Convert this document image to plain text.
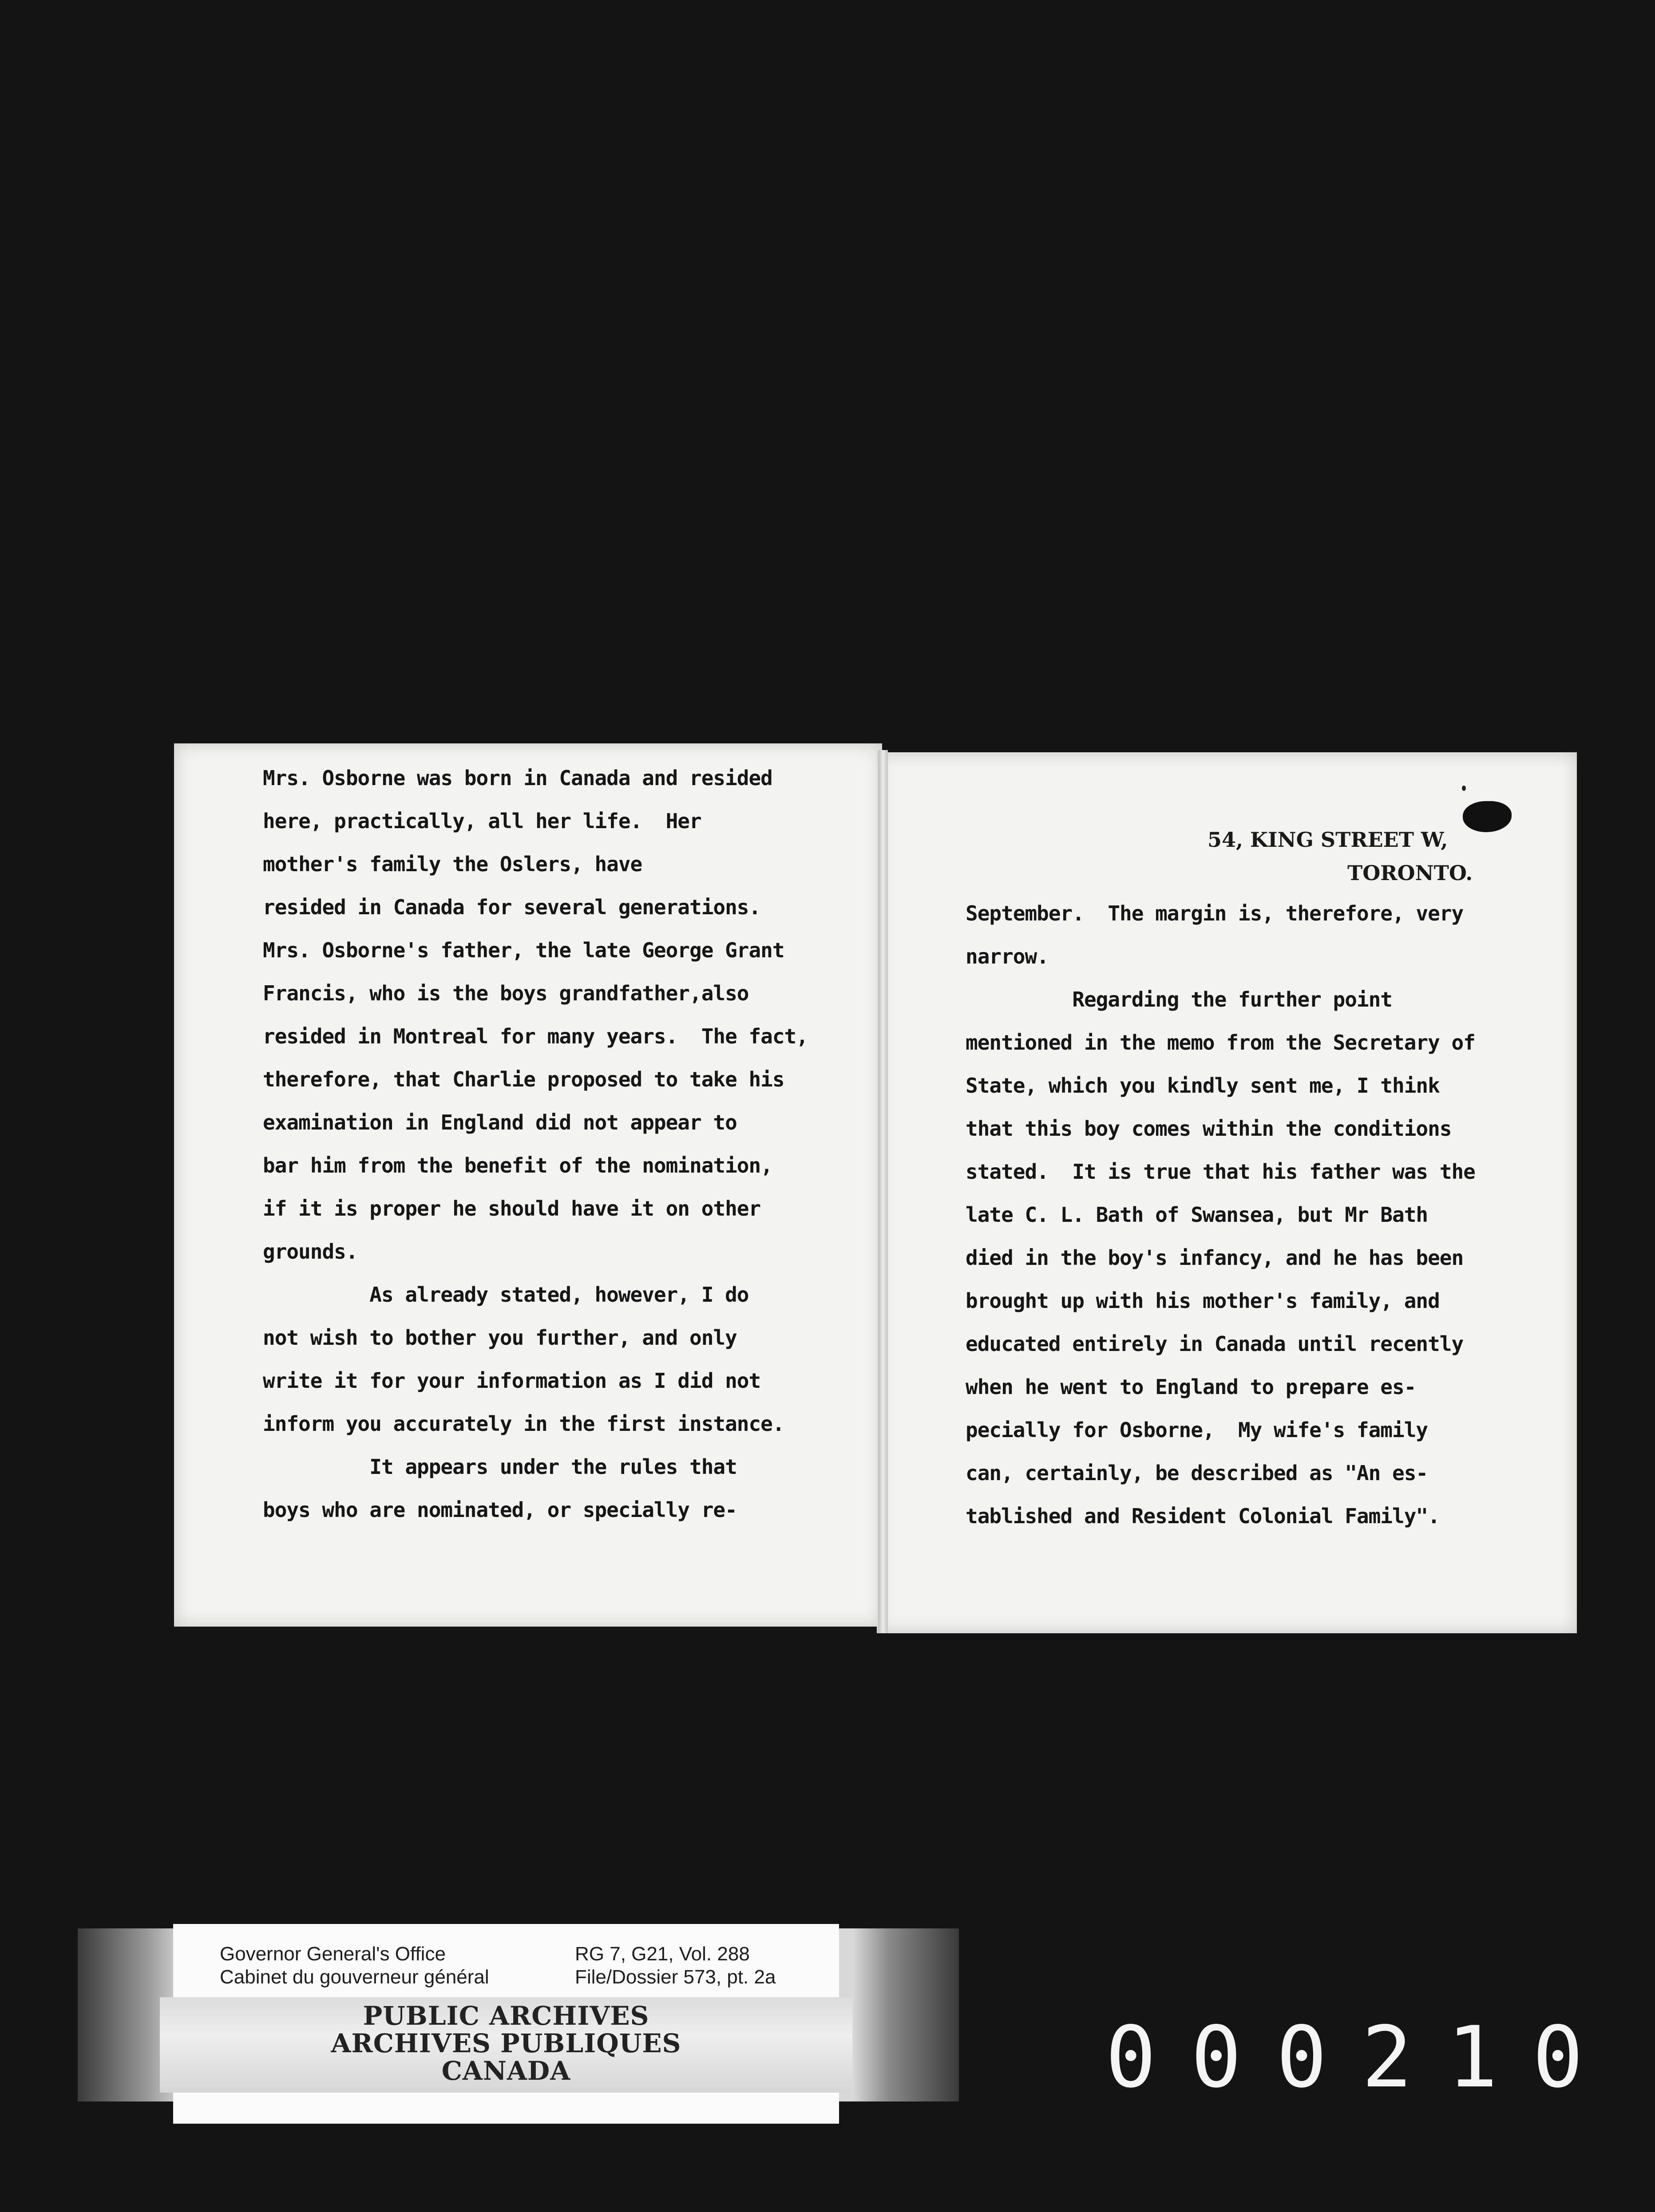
Mrs. Osborne was born in Canada and resided
here, practically, all her life.  Her
mother's family the Oslers, have
resided in Canada for several generations.
Mrs. Osborne's father, the late George Grant
Francis, who is the boys grandfather,also
resided in Montreal for many years.  The fact,
therefore, that Charlie proposed to take his
examination in England did not appear to
bar him from the benefit of the nomination,
if it is proper he should have it on other
grounds.
As already stated, however, I do
not wish to bother you further, and only
write it for your information as I did not
inform you accurately in the first instance.
It appears under the rules that
boys who are nominated, or specially re-
54, KING STREET W,
TORONTO.
September.  The margin is, therefore, very
narrow.
Regarding the further point
mentioned in the memo from the Secretary of
State, which you kindly sent me, I think
that this boy comes within the conditions
stated.  It is true that his father was the
late C. L. Bath of Swansea, but Mr Bath
died in the boy's infancy, and he has been
brought up with his mother's family, and
educated entirely in Canada until recently
when he went to England to prepare es-
pecially for Osborne,  My wife's family
can, certainly, be described as "An es-
tablished and Resident Colonial Family".
Governor General's Office
Cabinet du gouverneur général
RG 7, G21, Vol. 288
File/Dossier 573, pt. 2a
PUBLIC ARCHIVES
ARCHIVES PUBLIQUES
CANADA	000210
